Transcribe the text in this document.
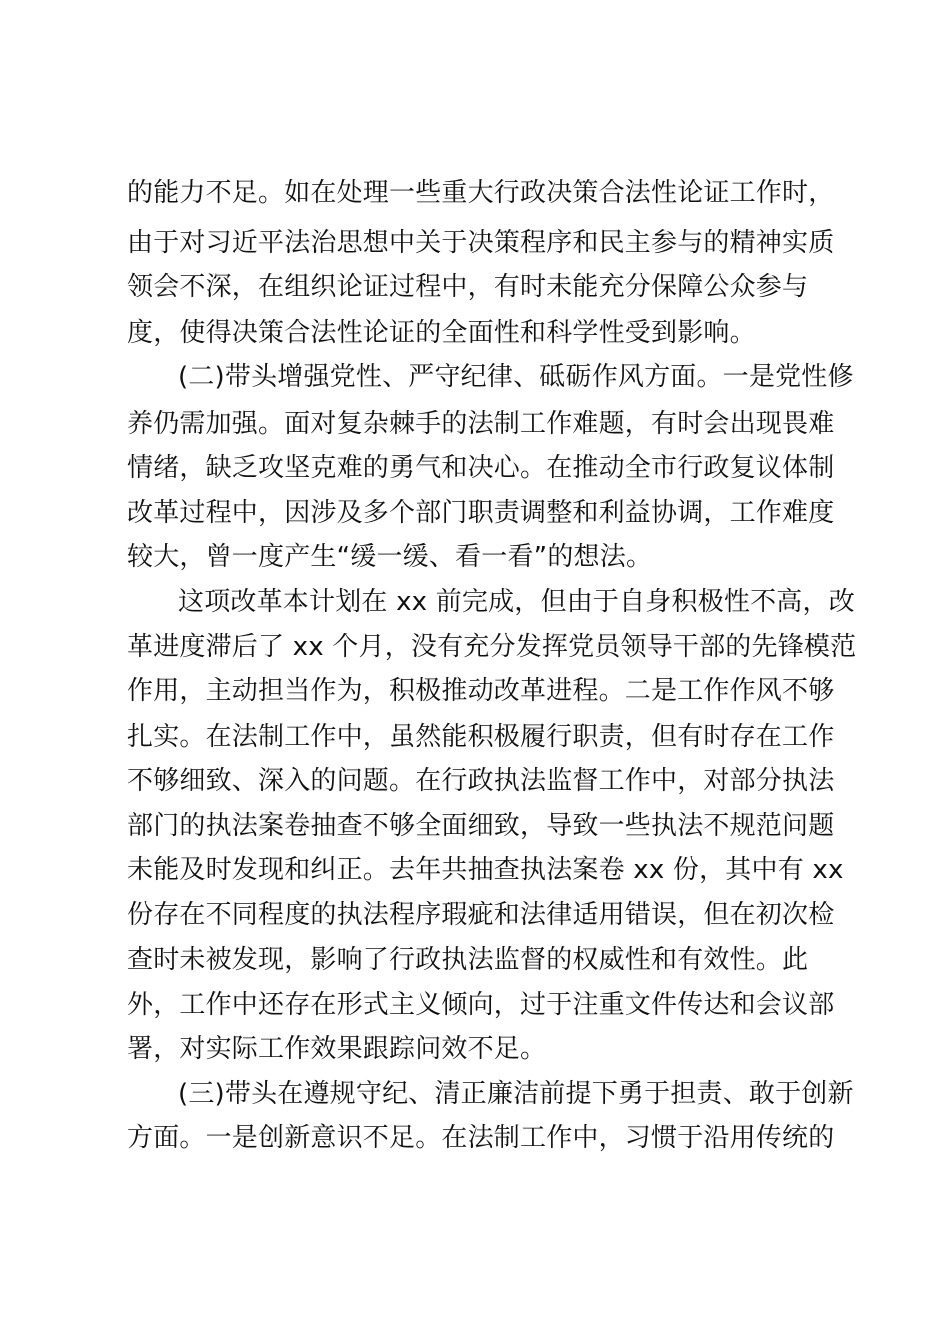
的能力不足。如在处理一些重大行政决策合法性论证工作时，

由于对习近平法治思想中关于决策程序和民主参与的精神实质

领会不深，在组织论证过程中，有时未能充分保障公众参与

度，使得决策合法性论证的全面性和科学性受到影响。

(二)带头增强党性、严守纪律、砥砺作风方面。一是党性修

养仍需加强。面对复杂棘手的法制工作难题，有时会出现畏难

情绪，缺乏攻坚克难的勇气和决心。在推动全市行政复议体制

改革过程中，因涉及多个部门职责调整和利益协调，工作难度

较大，曾一度产生“缓一缓、看一看”的想法。

这项改革本计划在 xx 前完成，但由于自身积极性不高，改

革进度滞后了 xx 个月，没有充分发挥党员领导干部的先锋模范

作用，主动担当作为，积极推动改革进程。二是工作作风不够

扎实。在法制工作中，虽然能积极履行职责，但有时存在工作

不够细致、深入的问题。在行政执法监督工作中，对部分执法

部门的执法案卷抽查不够全面细致，导致一些执法不规范问题

未能及时发现和纠正。去年共抽查执法案卷 xx 份，其中有 xx

份存在不同程度的执法程序瑕疵和法律适用错误，但在初次检

查时未被发现，影响了行政执法监督的权威性和有效性。此

外，工作中还存在形式主义倾向，过于注重文件传达和会议部

署，对实际工作效果跟踪问效不足。

(三)带头在遵规守纪、清正廉洁前提下勇于担责、敢于创新

方面。一是创新意识不足。在法制工作中，习惯于沿用传统的
